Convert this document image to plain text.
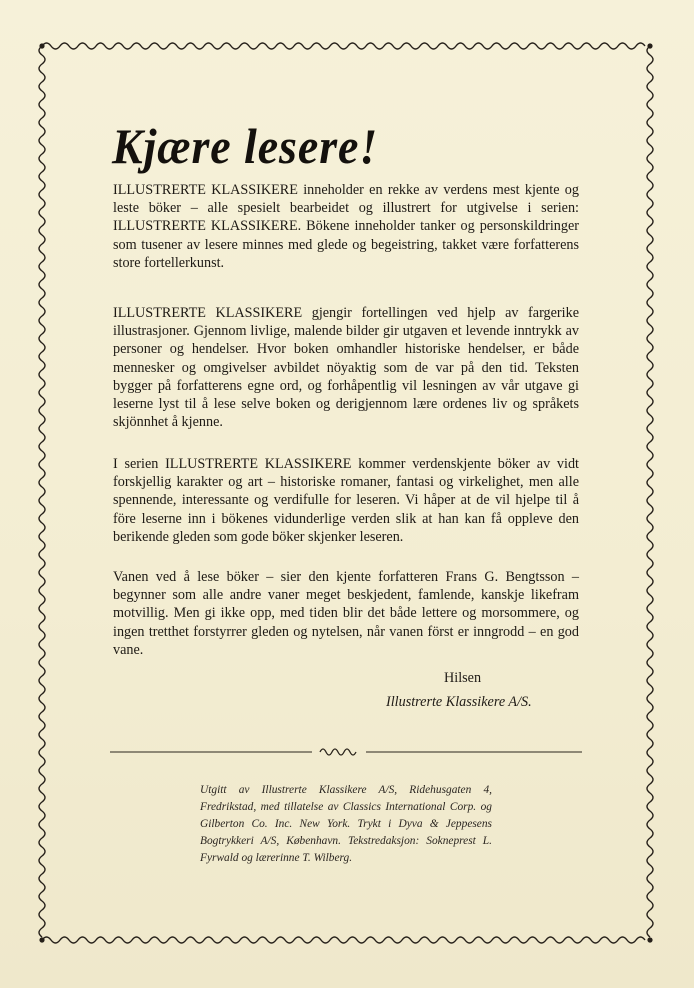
Kjære lesere!

ILLUSTRERTE KLASSIKERE inneholder en rekke av verdens mest kjente og leste böker – alle spesielt bearbeidet og illustrert for utgivelse i serien: ILLUSTRERTE KLASSIKERE. Bökene inneholder tanker og personskildringer som tusener av lesere minnes med glede og begeistring, takket være forfatterens store fortellerkunst.

ILLUSTRERTE KLASSIKERE gjengir fortellingen ved hjelp av fargerike illustrasjoner. Gjennom livlige, malende bilder gir utgaven et levende inntrykk av personer og hendelser. Hvor boken omhandler historiske hendelser, er både mennesker og omgivelser avbildet nöyaktig som de var på den tid. Teksten bygger på forfatterens egne ord, og forhåpentlig vil lesningen av vår utgave gi leserne lyst til å lese selve boken og derigjennom lære ordenes liv og språkets skjönnhet å kjenne.

I serien ILLUSTRERTE KLASSIKERE kommer verdenskjente böker av vidt forskjellig karakter og art – historiske romaner, fantasi og virkelighet, men alle spennende, interessante og verdifulle for leseren. Vi håper at de vil hjelpe til å före leserne inn i bökenes vidunderlige verden slik at han kan få oppleve den berikende gleden som gode böker skjenker leseren.

Vanen ved å lese böker – sier den kjente forfatteren Frans G. Bengtsson – begynner som alle andre vaner meget beskjedent, famlende, kanskje likefram motvillig. Men gi ikke opp, med tiden blir det både lettere og morsommere, og ingen tretthet forstyrrer gleden og nytelsen, når vanen först er inngrodd – en god vane.

Hilsen

Illustrerte Klassikere A/S.

Utgitt av Illustrerte Klassikere A/S, Ridehusgaten 4, Fredrikstad, med tillatelse av Classics International Corp. og Gilberton Co. Inc. New York. Trykt i Dyva & Jeppesens Bogtrykkeri A/S, København. Tekstredaksjon: Sokneprest L. Fyrwald og lærerinne T. Wilberg.
